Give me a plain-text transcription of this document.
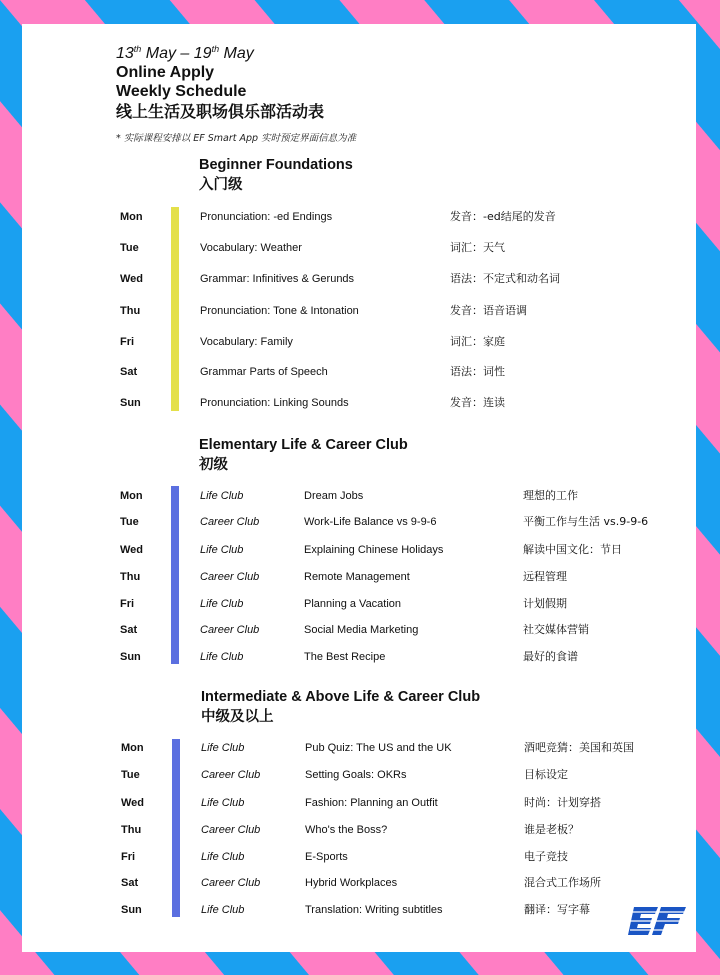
13th May – 19th May
Online Apply
Weekly Schedule
线上生活及职场俱乐部活动表
* 实际课程安排以 EF Smart App 实时预定界面信息为准
Beginner Foundations
入门级
Mon	Pronunciation: -ed Endings	发音：-ed结尾的发音
Tue	Vocabulary: Weather	词汇：天气
Wed	Grammar: Infinitives & Gerunds	语法：不定式和动名词
Thu	Pronunciation: Tone & Intonation	发音：语音语调
Fri	Vocabulary: Family	词汇：家庭
Sat	Grammar Parts of Speech	语法：词性
Sun	Pronunciation: Linking Sounds	发音：连读
Elementary Life & Career Club
初级
Mon	Life Club	Dream Jobs	理想的工作
Tue	Career Club	Work-Life Balance vs 9-9-6	平衡工作与生活 vs.9-9-6
Wed	Life Club	Explaining Chinese Holidays	解读中国文化：节日
Thu	Career Club	Remote Management	远程管理
Fri	Life Club	Planning a Vacation	计划假期
Sat	Career Club	Social Media Marketing	社交媒体营销
Sun	Life Club	The Best Recipe	最好的食谱
Intermediate & Above Life & Career Club
中级及以上
Mon	Life Club	Pub Quiz: The US and the UK	酒吧竞猜：美国和英国
Tue	Career Club	Setting Goals: OKRs	目标设定
Wed	Life Club	Fashion: Planning an Outfit	时尚：计划穿搭
Thu	Career Club	Who's the Boss?	谁是老板？
Fri	Life Club	E-Sports	电子竞技
Sat	Career Club	Hybrid Workplaces	混合式工作场所
Sun	Life Club	Translation: Writing subtitles	翻译：写字幕
